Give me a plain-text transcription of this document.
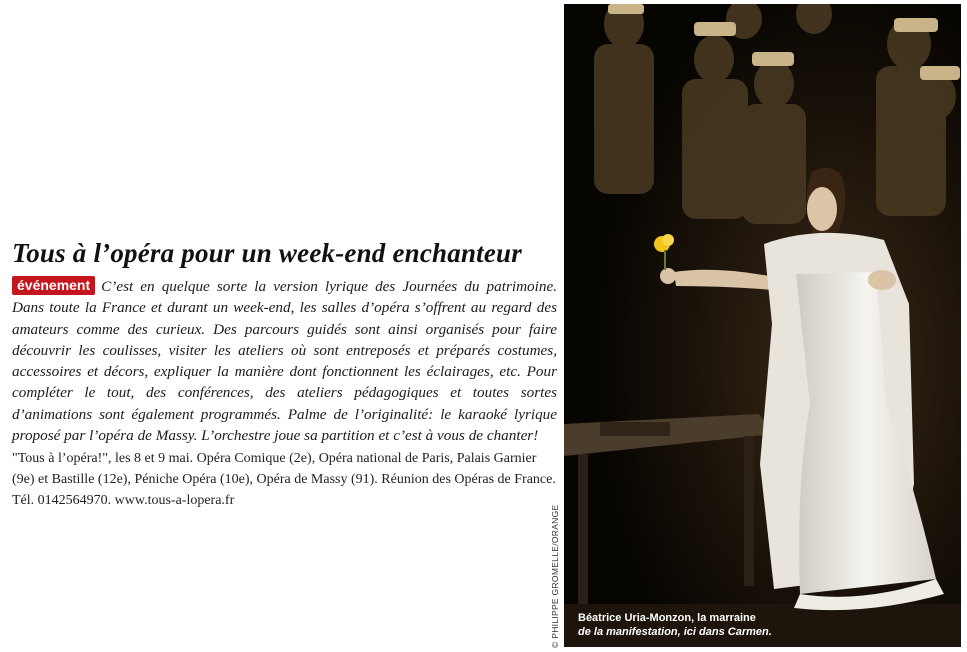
Tous à l’opéra pour un week-end enchanteur

événement C’est en quelque sorte la version lyrique des Journées du patrimoine. Dans toute la France et durant un week-end, les salles d’opéra s’offrent au regard des amateurs comme des curieux. Des parcours guidés sont ainsi organisés pour faire découvrir les coulisses, visiter les ateliers où sont entreposés et préparés costumes, accessoires et décors, expliquer la manière dont fonctionnent les éclairages, etc. Pour compléter le tout, des conférences, des ateliers pédagogiques et toutes sortes d’animations sont également programmés. Palme de l’originalité: le karaoké lyrique proposé par l’opéra de Massy. L’orchestre joue sa partition et c’est à vous de chanter!

"Tous à l’opéra!", les 8 et 9 mai. Opéra Comique (2e), Opéra national de Paris, Palais Garnier (9e) et Bastille (12e), Péniche Opéra (10e), Opéra de Massy (91). Réunion des Opéras de France. Tél. 0142564970. www.tous-a-lopera.fr

© PHILIPPE GROMELLE/ORANGE Béatrice Uria-Monzon, la marraine
de la manifestation, ici dans Carmen.
